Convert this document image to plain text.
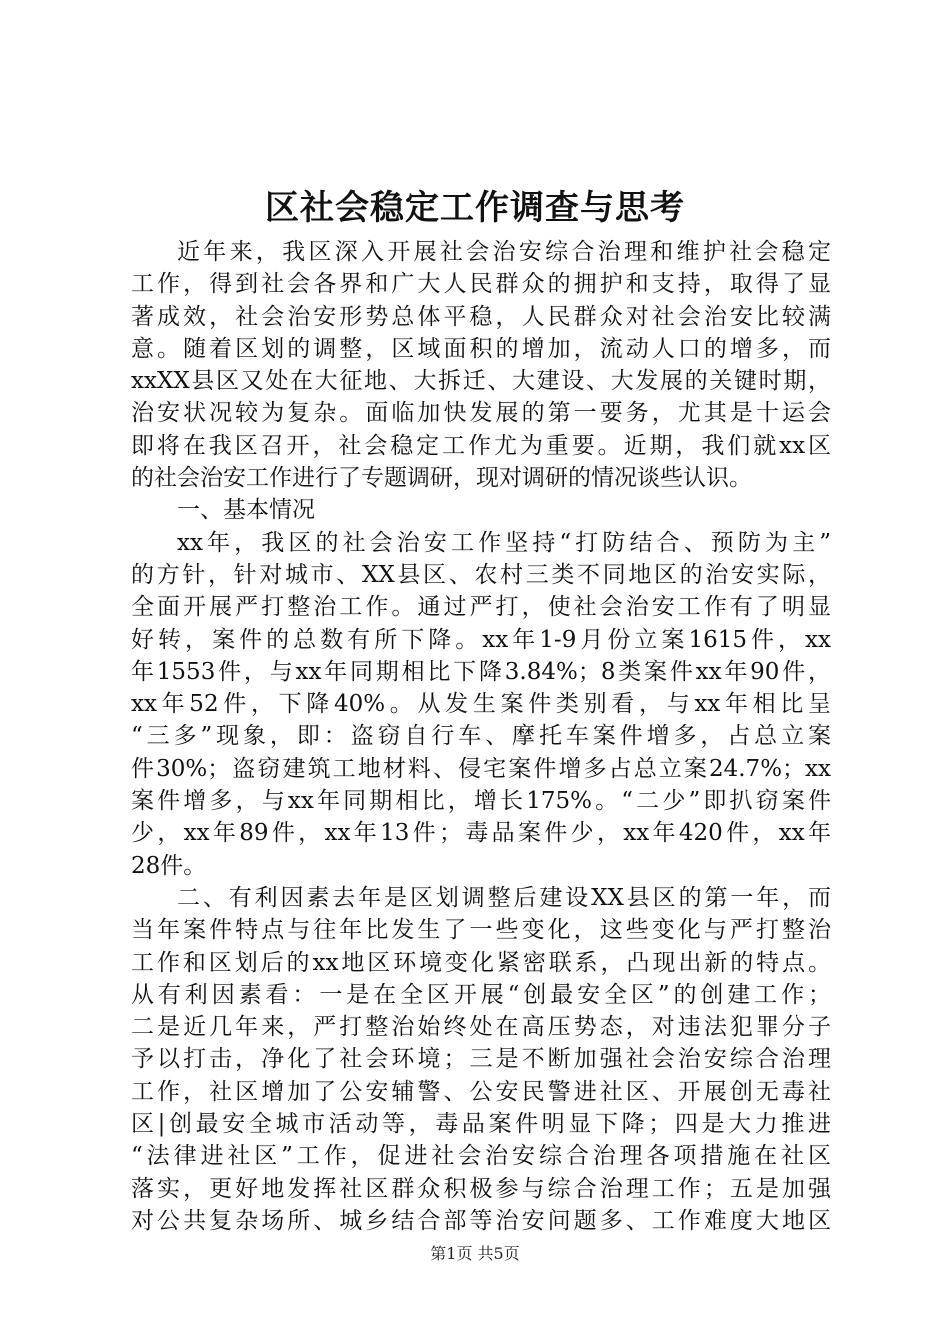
区社会稳定工作调查与思考
近年来，我区深入开展社会治安综合治理和维护社会稳定
工作，得到社会各界和广大人民群众的拥护和支持，取得了显
著成效，社会治安形势总体平稳，人民群众对社会治安比较满
意。随着区划的调整，区域面积的增加，流动人口的增多，而
xxXX县区又处在大征地、大拆迁、大建设、大发展的关键时期，
治安状况较为复杂。面临加快发展的第一要务，尤其是十运会
即将在我区召开，社会稳定工作尤为重要。近期，我们就xx区
的社会治安工作进行了专题调研，现对调研的情况谈些认识。
一、基本情况
xx年，我区的社会治安工作坚持“打防结合、预防为主”
的方针，针对城市、XX县区、农村三类不同地区的治安实际，
全面开展严打整治工作。通过严打，使社会治安工作有了明显
好转，案件的总数有所下降。xx年1-9月份立案1615件，xx
年1553件，与xx年同期相比下降3.84%；8类案件xx年90件，
xx年52件，下降40%。从发生案件类别看，与xx年相比呈
“三多”现象，即：盗窃自行车、摩托车案件增多，占总立案
件30%；盗窃建筑工地材料、侵宅案件增多占总立案24.7%；xx
案件增多，与xx年同期相比，增长175%。“二少”即扒窃案件
少，xx年89件，xx年13件；毒品案件少，xx年420件，xx年
28件。
二、有利因素去年是区划调整后建设XX县区的第一年，而
当年案件特点与往年比发生了一些变化，这些变化与严打整治
工作和区划后的xx地区环境变化紧密联系，凸现出新的特点。
从有利因素看：一是在全区开展“创最安全区”的创建工作；
二是近几年来，严打整治始终处在高压势态，对违法犯罪分子
予以打击，净化了社会环境；三是不断加强社会治安综合治理
工作，社区增加了公安辅警、公安民警进社区、开展创无毒社
区|创最安全城市活动等，毒品案件明显下降；四是大力推进
“法律进社区”工作，促进社会治安综合治理各项措施在社区
落实，更好地发挥社区群众积极参与综合治理工作；五是加强
对公共复杂场所、城乡结合部等治安问题多、工作难度大地区
第1页 共5页
